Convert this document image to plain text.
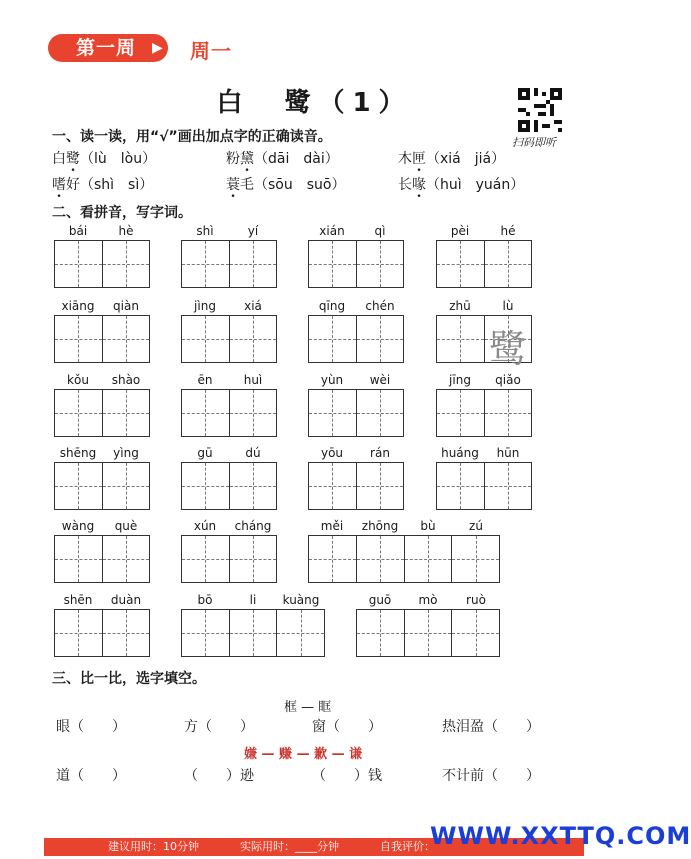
第一周	▶ 周一
白　鹭（1）
扫码即听
一、读一读，用“√”画出加点字的正确读音。
白鹭（lù　lòu）	粉黛（dāi　dài）	木匣（xiá　jiá）
嗜好（shì　sì）	蓑毛（sōu　suō）	长喙（huì　yuán）
二、看拼音，写字词。
bái	hè	shì	yí	xián	qì	pèi	hé
xiāng	qiàn	jìng	xiá	qīng	chén	zhū	lù
鹭
kǒu	shào	ēn	huì	yùn	wèi	jīng	qiǎo
shēng	yìng	gū	dú	yōu	rán	huáng	hūn
wàng	què	xún	cháng	měi	zhōng	bù	zú
shēn	duàn	bō	li	kuàng	guō	mò	ruò
三、比一比，选字填空。
框 — 眶
眼（　　）	方（　　）	窗（　　）	热泪盈（　　）
嫌 — 赚 — 歉 — 谦
道（　　）	（　　）逊	（　　）钱	不计前（　　）
建议用时：10分钟	实际用时：____分钟	自我评价：
WWW.XXTTQ.COM
